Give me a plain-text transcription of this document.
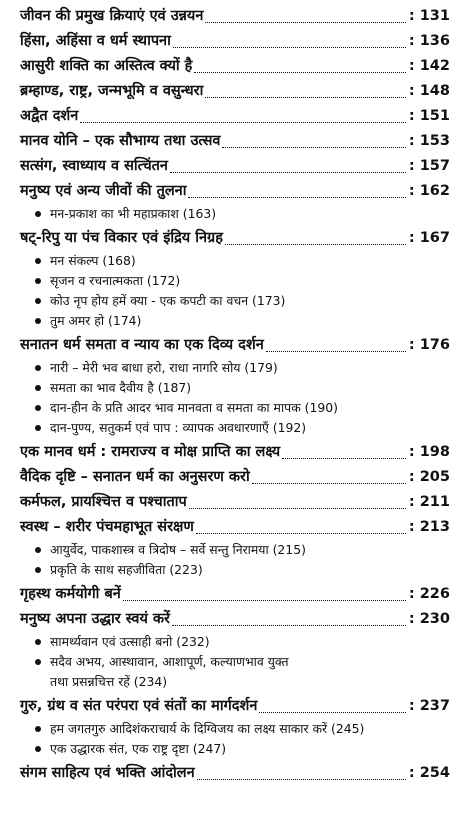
जीवन की प्रमुख क्रियाएं एवं उन्नयन	: 131
हिंसा, अहिंसा व धर्म स्थापना	: 136
आसुरी शक्ति का अस्तित्व क्यों है	: 142
ब्रम्हाण्ड, राष्ट्र, जन्मभूमि व वसुन्धरा	: 148
अद्वैत दर्शन	: 151
मानव योनि – एक सौभाग्य तथा उत्सव	: 153
सत्संग, स्वाध्याय व सत्चिंतन	: 157
मनुष्य एवं अन्य जीवों की तुलना	: 162
मन-प्रकाश का भी महाप्रकाश (163)
षट्-रिपु या पंच विकार एवं इंद्रिय निग्रह	: 167
मन संकल्प (168)
सृजन व रचनात्मकता (172)
कोउ नृप होय हमें क्या - एक कपटी का वचन (173)
तुम अमर हो (174)
सनातन धर्म समता व न्याय का एक दिव्य दर्शन	: 176
नारी – मेरी भव बाधा हरो, राधा नागरि सोय (179)
समता का भाव दैवीय है (187)
दान-हीन के प्रति आदर भाव मानवता व समता का मापक (190)
दान-पुण्य, सतुकर्म एवं पाप : व्यापक अवधारणाएँ (192)
एक मानव धर्म : रामराज्य व मोक्ष प्राप्ति का लक्ष्य	: 198
वैदिक दृष्टि – सनातन धर्म का अनुसरण करो	: 205
कर्मफल, प्रायश्चित्त व पश्चाताप	: 211
स्वस्थ – शरीर पंचमहाभूत संरक्षण	: 213
आयुर्वेद, पाकशास्त्र व त्रिदोष – सर्वे सन्तु निरामया (215)
प्रकृति के साथ सहजीविता (223)
गृहस्थ कर्मयोगी बनें	: 226
मनुष्य अपना उद्धार स्वयं करें	: 230
सामर्थ्यवान एवं उत्साही बनो (232)
सदैव अभय, आस्थावान, आशापूर्ण, कल्याणभाव युक्त
तथा प्रसन्नचित्त रहें (234)
गुरु, ग्रंथ व संत परंपरा एवं संतों का मार्गदर्शन	: 237
हम जगतगुरु आदिशंकराचार्य के दिग्विजय का लक्ष्य साकार करें (245)
एक उद्धारक संत, एक राष्ट्र दृष्टा (247)
संगम साहित्य एवं भक्ति आंदोलन	: 254
